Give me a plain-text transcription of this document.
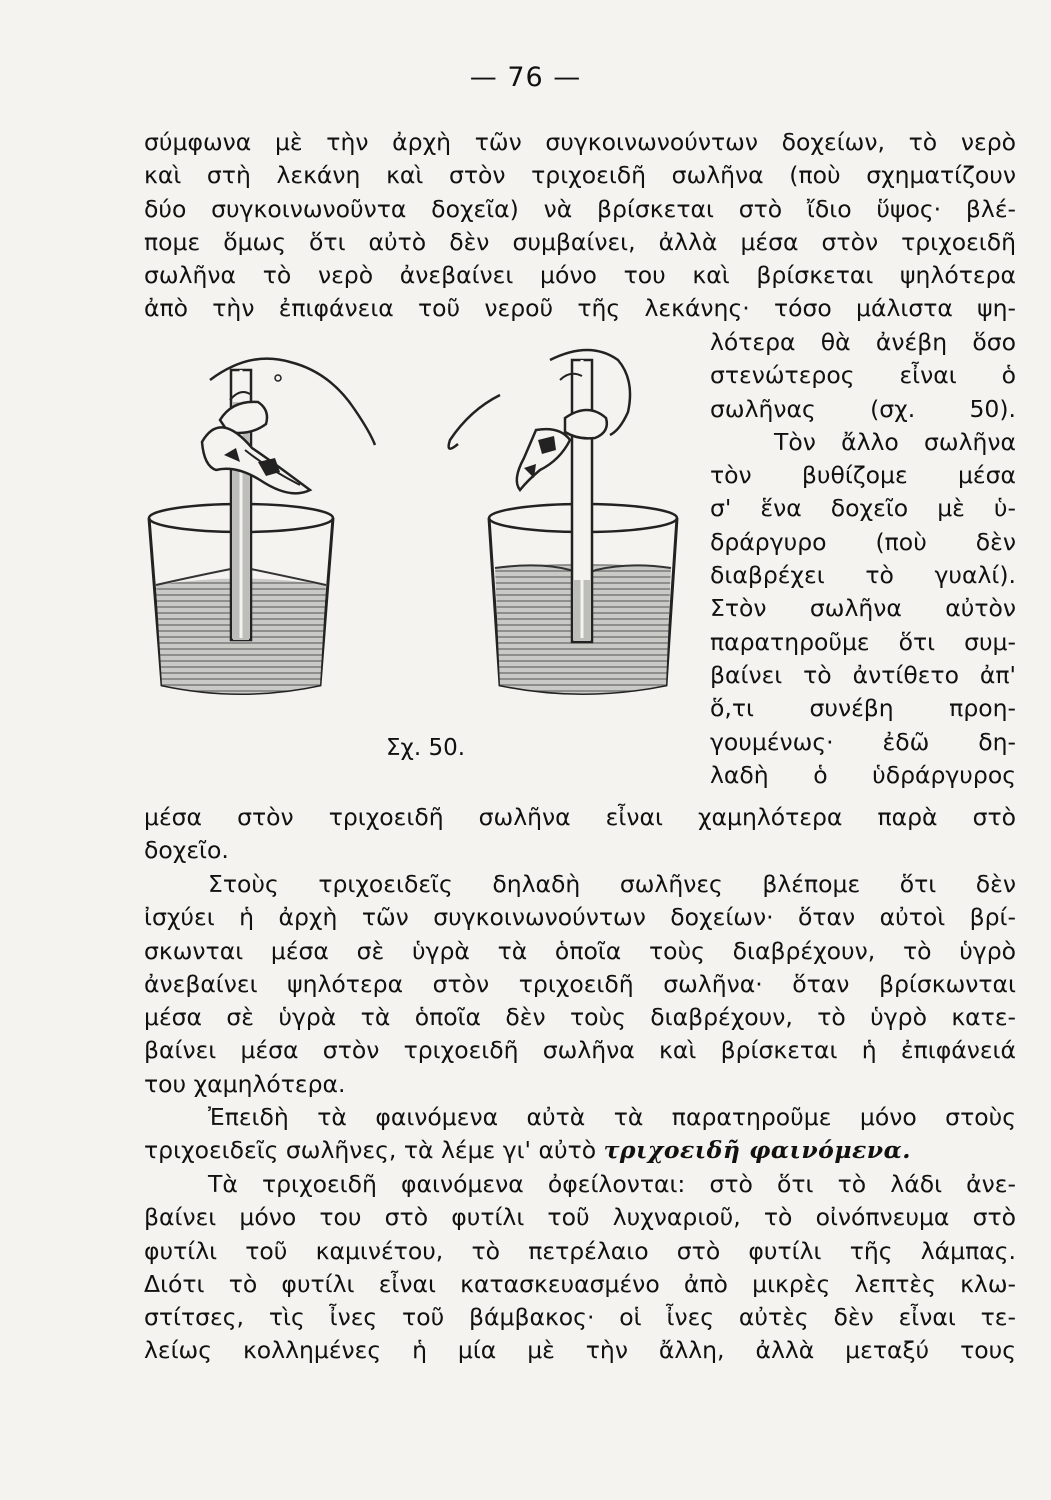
— 76 —
σύμφωνα μὲ τὴν ἀρχὴ τῶν συγκοινωνούντων δοχείων, τὸ νερὸ
καὶ στὴ λεκάνη καὶ στὸν τριχοειδῆ σωλῆνα (ποὺ σχηματίζουν
δύο συγκοινωνοῦντα δοχεῖα) νὰ βρίσκεται στὸ ἴδιο ὕψος· βλέ-
πομε ὅμως ὅτι αὐτὸ δὲν συμβαίνει, ἀλλὰ μέσα στὸν τριχοειδῆ
σωλῆνα τὸ νερὸ ἀνεβαίνει μόνο του καὶ βρίσκεται ψηλότερα
ἀπὸ τὴν ἐπιφάνεια τοῦ νεροῦ τῆς λεκάνης· τόσο μάλιστα ψη-
λότερα θὰ ἀνέβη ὅσο
στενώτερος εἶναι ὁ
σωλῆνας (σχ. 50).
Τὸν ἄλλο σωλῆνα
τὸν βυθίζομε μέσα
σ' ἕνα δοχεῖο μὲ ὑ-
δράργυρο (ποὺ δὲν
διαβρέχει τὸ γυαλί).
Στὸν σωλῆνα αὐτὸν
παρατηροῦμε ὅτι συμ-
βαίνει τὸ ἀντίθετο ἀπ'
ὅ,τι συνέβη προη-
γουμένως· ἐδῶ δη-
λαδὴ ὁ ὑδράργυρος
Σχ. 50.
μέσα στὸν τριχοειδῆ σωλῆνα εἶναι χαμηλότερα παρὰ στὸ
δοχεῖο.
Στοὺς τριχοειδεῖς δηλαδὴ σωλῆνες βλέπομε ὅτι δὲν
ἰσχύει ἡ ἀρχὴ τῶν συγκοινωνούντων δοχείων· ὅταν αὐτοὶ βρί-
σκωνται μέσα σὲ ὑγρὰ τὰ ὁποῖα τοὺς διαβρέχουν, τὸ ὑγρὸ
ἀνεβαίνει ψηλότερα στὸν τριχοειδῆ σωλῆνα· ὅταν βρίσκωνται
μέσα σὲ ὑγρὰ τὰ ὁποῖα δὲν τοὺς διαβρέχουν, τὸ ὑγρὸ κατε-
βαίνει μέσα στὸν τριχοειδῆ σωλῆνα καὶ βρίσκεται ἡ ἐπιφάνειά
του χαμηλότερα.
Ἐπειδὴ τὰ φαινόμενα αὐτὰ τὰ παρατηροῦμε μόνο στοὺς
τριχοειδεῖς σωλῆνες, τὰ λέμε γι' αὐτὸ τριχοειδῆ φαινόμενα.
Τὰ τριχοειδῆ φαινόμενα ὀφείλονται: στὸ ὅτι τὸ λάδι ἀνε-
βαίνει μόνο του στὸ φυτίλι τοῦ λυχναριοῦ, τὸ οἰνόπνευμα στὸ
φυτίλι τοῦ καμινέτου, τὸ πετρέλαιο στὸ φυτίλι τῆς λάμπας.
Διότι τὸ φυτίλι εἶναι κατασκευασμένο ἀπὸ μικρὲς λεπτὲς κλω-
στίτσες, τὶς ἶνες τοῦ βάμβακος· οἱ ἶνες αὐτὲς δὲν εἶναι τε-
λείως κολλημένες ἡ μία μὲ τὴν ἄλλη, ἀλλὰ μεταξύ τους
